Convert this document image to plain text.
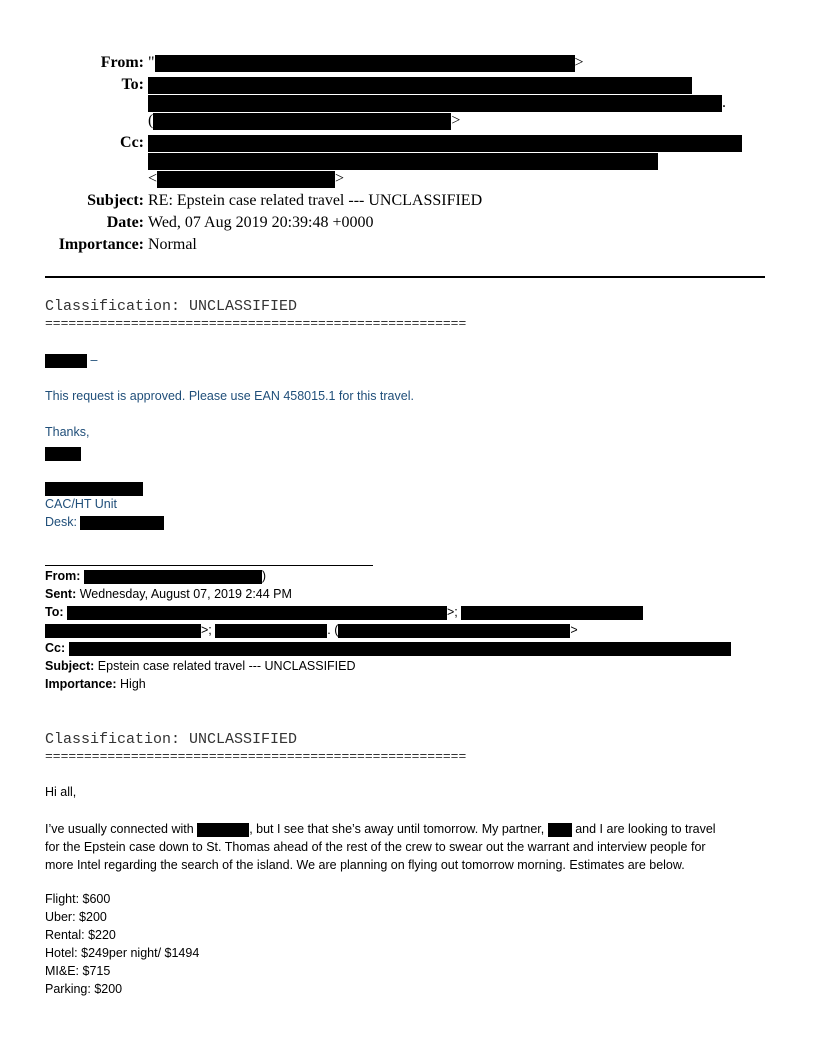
From: "	>
To:
.
(	>
Cc:
<	>
Subject: RE: Epstein case related travel --- UNCLASSIFIED
Date: Wed, 07 Aug 2019 20:39:48 +0000
Importance: Normal
Classification: UNCLASSIFIED
======================================================
–
This request is approved. Please use EAN 458015.1 for this travel.
Thanks,
CAC/HT Unit
Desk:
From:	)
Sent: Wednesday, August 07, 2019 2:44 PM
To:	>;
>;	. (	>
Cc:
Subject: Epstein case related travel --- UNCLASSIFIED
Importance: High
Classification: UNCLASSIFIED
======================================================
Hi all,
I’ve usually connected with	, but I see that she’s away until tomorrow. My partner, and I are looking to travel
for the Epstein case down to St. Thomas ahead of the rest of the crew to swear out the warrant and interview people for
more Intel regarding the search of the island. We are planning on flying out tomorrow morning. Estimates are below.
Flight: $600
Uber: $200
Rental: $220
Hotel: $249per night/ $1494
MI&E: $715
Parking: $200
